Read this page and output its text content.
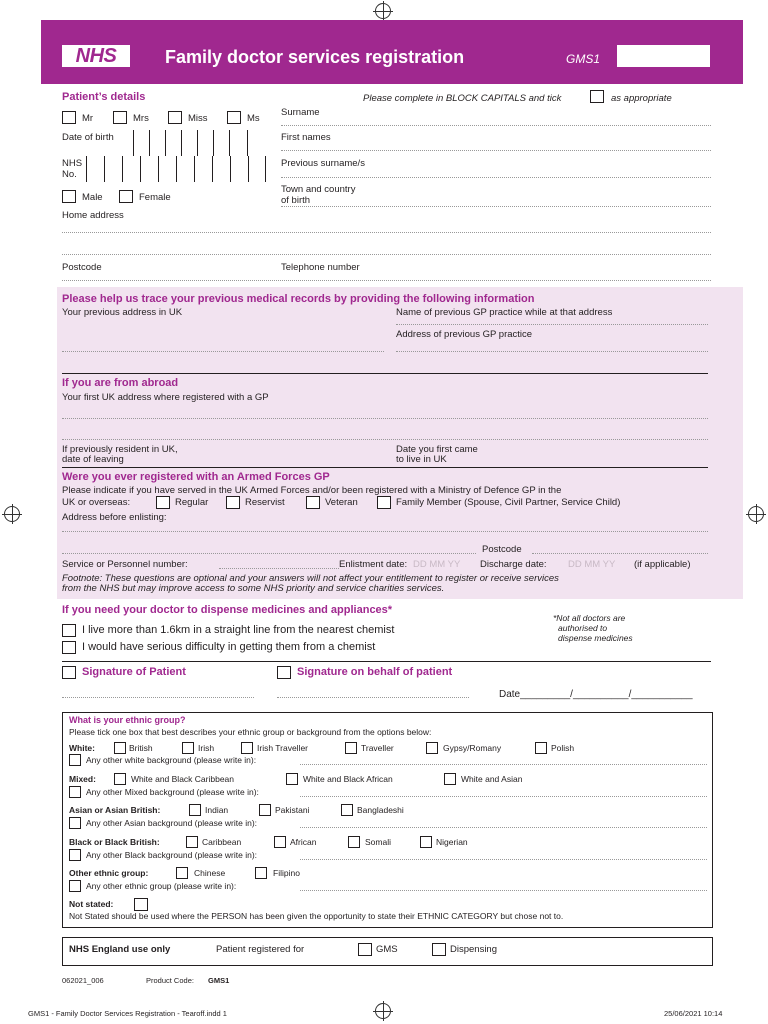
NHS	Family doctor services registration	GMS1
Patient’s details	Please complete in BLOCK CAPITALS and tick	as appropriate
Mr	Mrs	Miss	Ms
Surname
Date of birth	First names
NHS
No.
Previous surname/s
Male	Female
Town and country
of birth
Home address
Postcode	Telephone number
Please help us trace your previous medical records by providing the following information
Your previous address in UK	Name of previous GP practice while at that address
Address of previous GP practice
If you are from abroad
Your first UK address where registered with a GP
If previously resident in UK,
date of leaving
Date you first came
to live in UK
Were you ever registered with an Armed Forces GP
Please indicate if you have served in the UK Armed Forces and/or been registered with a Ministry of Defence GP in the
UK or overseas:	Regular	Reservist	Veteran	Family Member (Spouse, Civil Partner, Service Child)
Address before enlisting:
Postcode
Service or Personnel number:	Enlistment date: DD MM YY Discharge date: DD MM YY (if applicable)
Footnote: These questions are optional and your answers will not affect your entitlement to register or receive services
from the NHS but may improve access to some NHS priority and service charities services.
If you need your doctor to dispense medicines and appliances*
I live more than 1.6km in a straight line from the nearest chemist
I would have serious difficulty in getting them from a chemist
*Not all doctors are
authorised to
dispense medicines
Signature of Patient	Signature on behalf of patient
Date_________/__________/___________
What is your ethnic group?
Please tick one box that best describes your ethnic group or background from the options below:
White:	British	Irish	Irish Traveller	Traveller	Gypsy/Romany	Polish
Any other white background (please write in):
Mixed:	White and Black Caribbean	White and Black African	White and Asian
Any other Mixed background (please write in):
Asian or Asian British:	Indian	Pakistani	Bangladeshi
Any other Asian background (please write in):
Black or Black British:	Caribbean	African	Somali	Nigerian
Any other Black background (please write in):
Other ethnic group:	Chinese	Filipino
Any other ethnic group (please write in):
Not stated:
Not Stated should be used where the PERSON has been given the opportunity to state their ETHNIC CATEGORY but chose not to.
NHS England use only	Patient registered for	GMS	Dispensing
062021_006	Product Code: GMS1
GMS1 - Family Doctor Services Registration - Tearoff.indd 1	25/06/2021 10:14
